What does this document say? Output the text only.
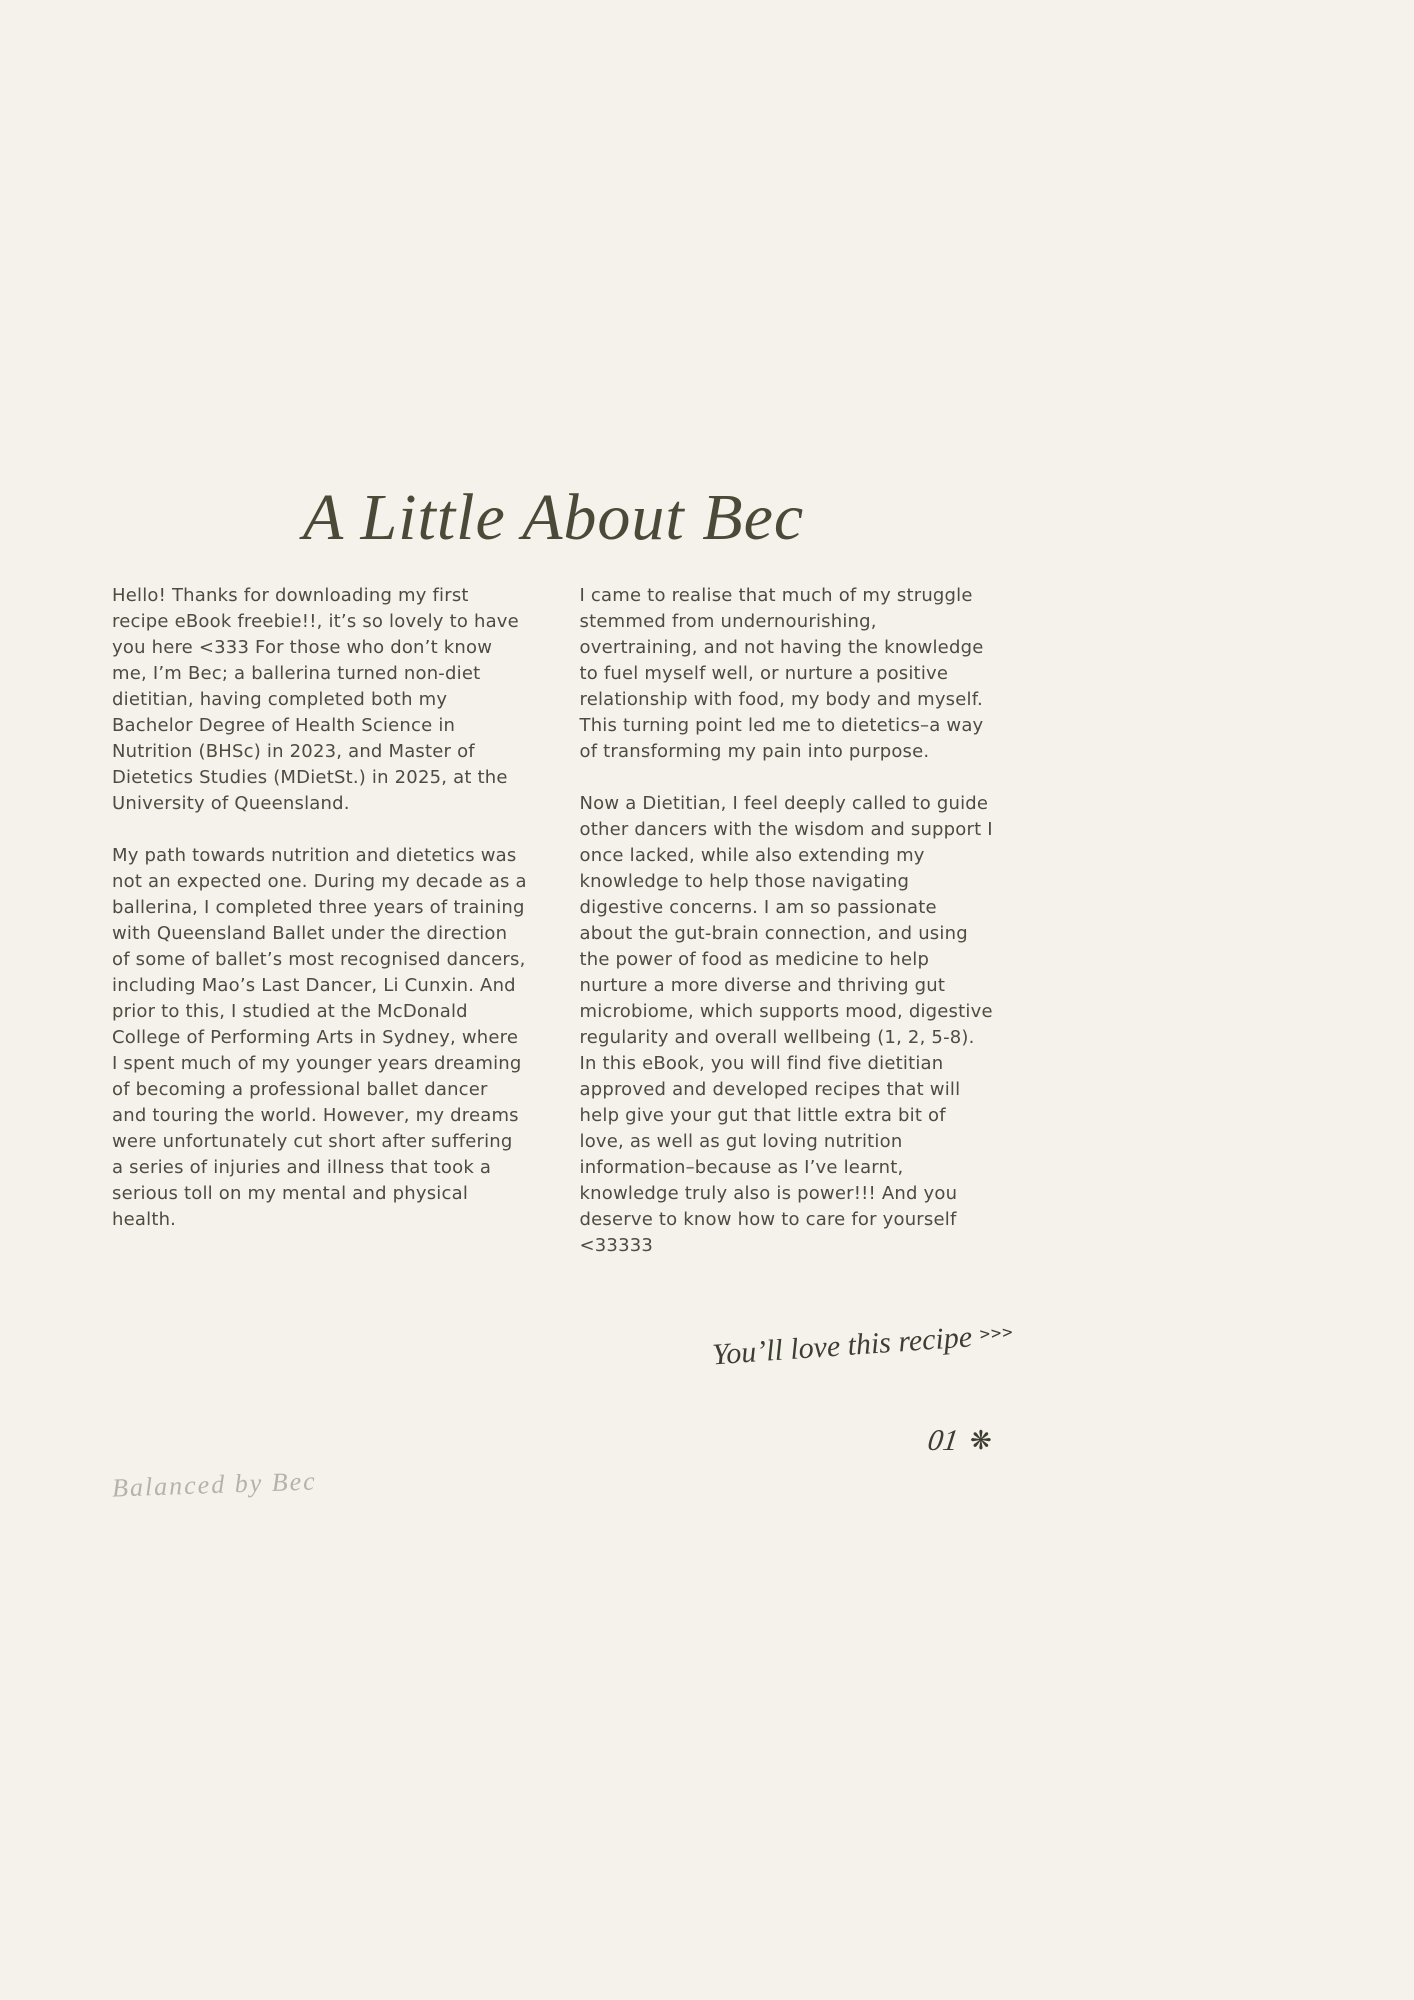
A Little About Bec

Hello! Thanks for downloading my first recipe eBook freebie!!, it’s so lovely to have you here <333 For those who don’t know me, I’m Bec; a ballerina turned non-diet dietitian, having completed both my Bachelor Degree of Health Science in Nutrition (BHSc) in 2023, and Master of Dietetics Studies (MDietSt.) in 2025, at the University of Queensland.

My path towards nutrition and dietetics was not an expected one. During my decade as a ballerina, I completed three years of training with Queensland Ballet under the direction of some of ballet’s most recognised dancers, including Mao’s Last Dancer, Li Cunxin. And prior to this, I studied at the McDonald College of Performing Arts in Sydney, where I spent much of my younger years dreaming of becoming a professional ballet dancer and touring the world. However, my dreams were unfortunately cut short after suffering a series of injuries and illness that took a serious toll on my mental and physical health.

I came to realise that much of my struggle stemmed from undernourishing, overtraining, and not having the knowledge to fuel myself well, or nurture a positive relationship with food, my body and myself. This turning point led me to dietetics–a way of transforming my pain into purpose.

Now a Dietitian, I feel deeply called to guide other dancers with the wisdom and support I once lacked, while also extending my knowledge to help those navigating digestive concerns. I am so passionate about the gut-brain connection, and using the power of food as medicine to help nurture a more diverse and thriving gut microbiome, which supports mood, digestive regularity and overall wellbeing (1, 2, 5-8). In this eBook, you will find five dietitian approved and developed recipes that will help give your gut that little extra bit of love, as well as gut loving nutrition information–because as I’ve learnt, knowledge truly also is power!!! And you deserve to know how to care for yourself <33333

You’ll love this recipe >>>
Balanced by Bec
01 ❋
